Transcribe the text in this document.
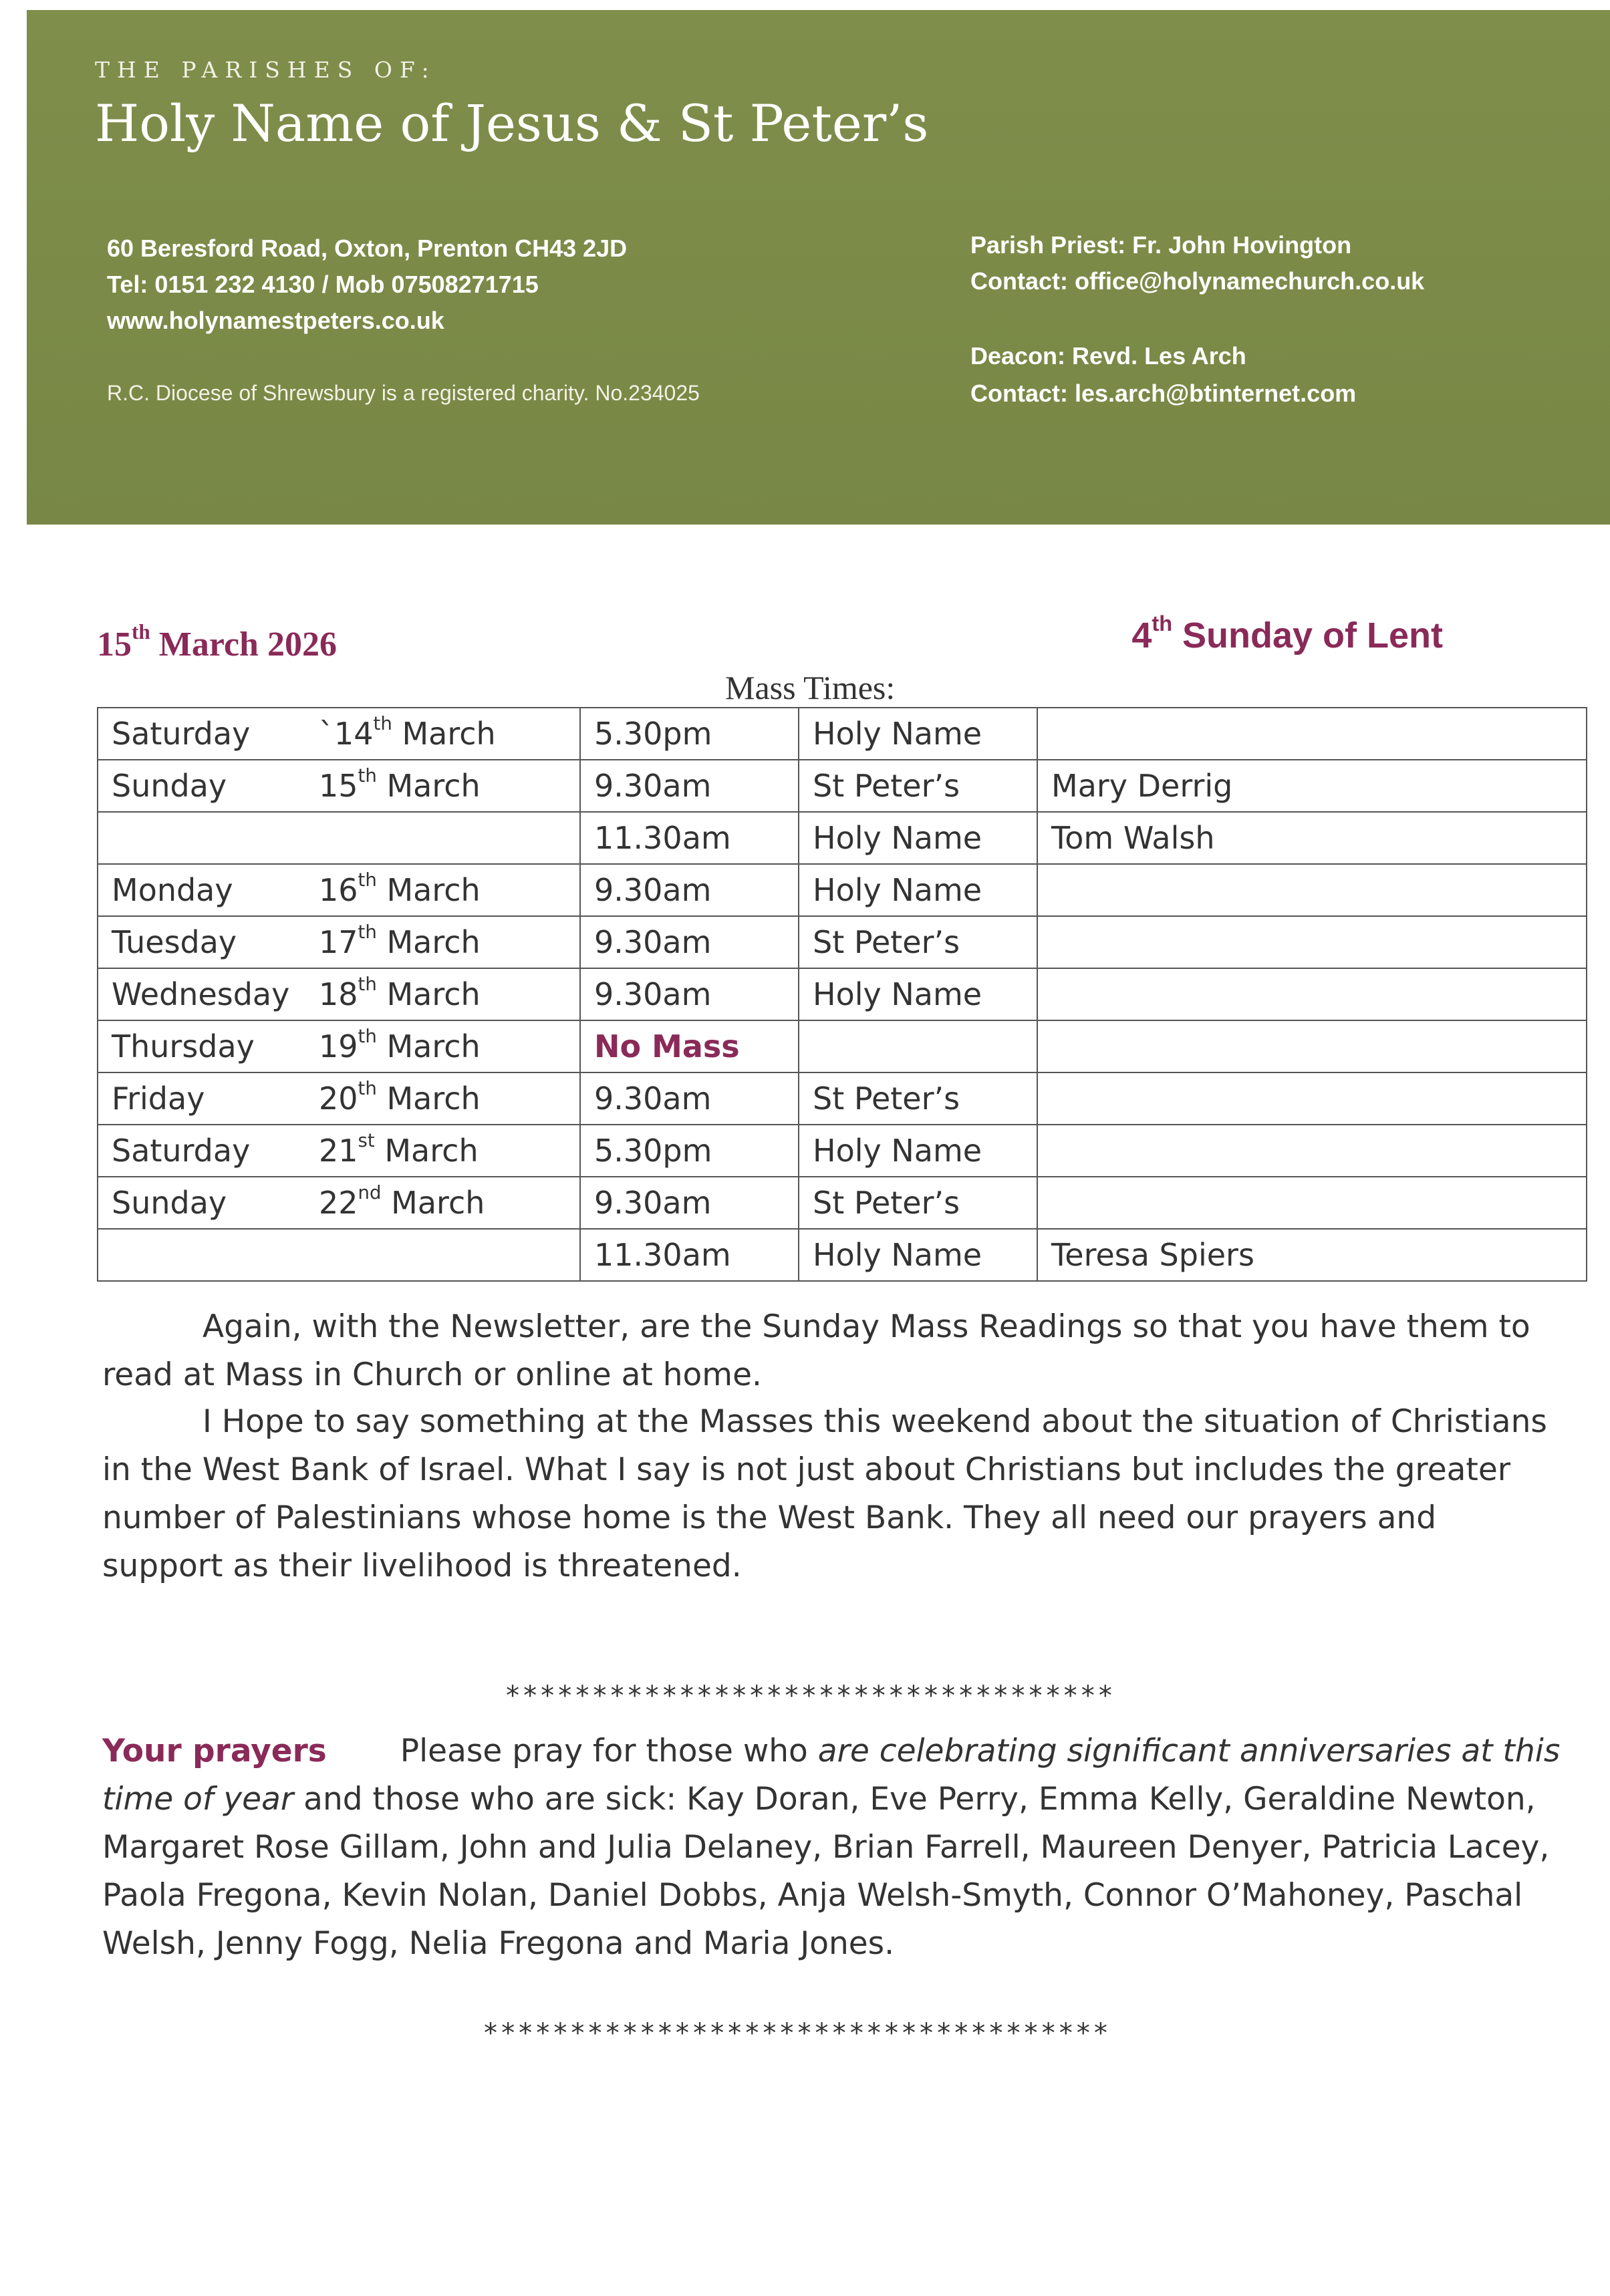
THE PARISHES OF:
Holy Name of Jesus & St Peter’s
60 Beresford Road, Oxton, Prenton CH43 2JD
Tel: 0151 232 4130 / Mob 07508271715
www.holynamestpeters.co.uk
R.C. Diocese of Shrewsbury is a registered charity. No.234025
Parish Priest: Fr. John Hovington
Contact: office@holynamechurch.co.uk
Deacon: Revd. Les Arch
Contact: les.arch@btinternet.com
15th March 2026	4th Sunday of Lent
Mass Times:
Saturday `14th March	5.30pm	Holy Name	
Sunday 15th March	9.30am	St Peter’s	Mary Derrig
	11.30am	Holy Name	Tom Walsh
Monday 16th March	9.30am	Holy Name	
Tuesday 17th March	9.30am	St Peter’s	
Wednesday 18th March	9.30am	Holy Name	
Thursday 19th March	No Mass		
Friday 20th March	9.30am	St Peter’s	
Saturday 21st March	5.30pm	Holy Name	
Sunday 22nd March	9.30am	St Peter’s	
	11.30am	Holy Name	Teresa Spiers
Again, with the Newsletter, are the Sunday Mass Readings so that you have them to read at Mass in Church or online at home.
I Hope to say something at the Masses this weekend about the situation of Christians in the West Bank of Israel. What I say is not just about Christians but includes the greater number of Palestinians whose home is the West Bank. They all need our prayers and support as their livelihood is threatened.
***********************************
Your prayers Please pray for those who are celebrating significant anniversaries at this time of year and those who are sick: Kay Doran, Eve Perry, Emma Kelly, Geraldine Newton, Margaret Rose Gillam, John and Julia Delaney, Brian Farrell, Maureen Denyer, Patricia Lacey, Paola Fregona, Kevin Nolan, Daniel Dobbs, Anja Welsh-Smyth, Connor O’Mahoney, Paschal Welsh, Jenny Fogg, Nelia Fregona and Maria Jones.
************************************
